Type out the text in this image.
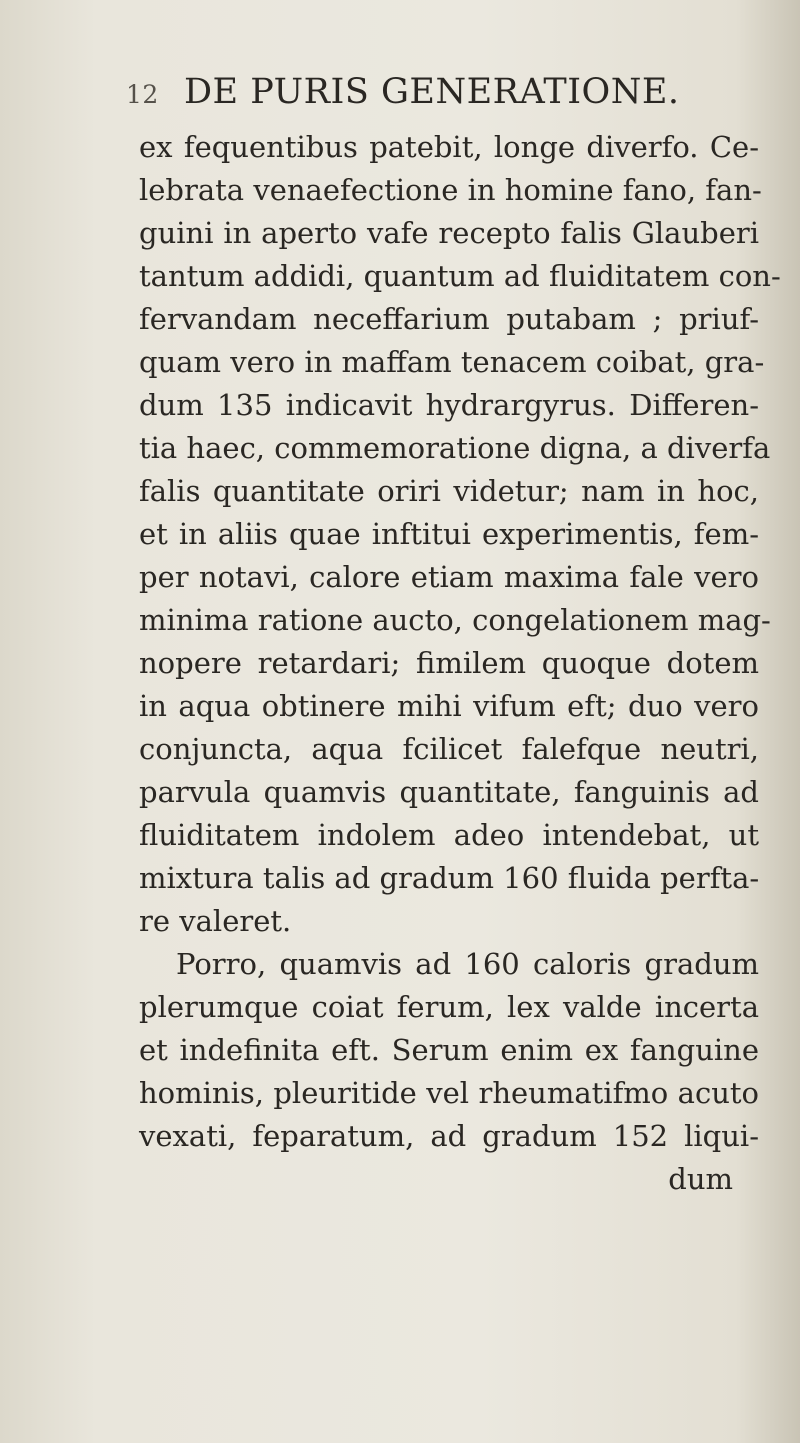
12 DE PURIS GENERATIONE.
ex fequentibus patebit, longe diverfo. Ce-
lebrata venaefectione in homine fano, fan-
guini in aperto vafe recepto falis Glauberi
tantum addidi, quantum ad fluiditatem con-
fervandam neceffarium putabam ; priuf-
quam vero in maffam tenacem coibat, gra-
dum 135 indicavit hydrargyrus. Differen-
tia haec, commemoratione digna, a diverfa
falis quantitate oriri videtur; nam in hoc,
et in aliis quae inftitui experimentis, fem-
per notavi, calore etiam maxima fale vero
minima ratione aucto, congelationem mag-
nopere retardari; fimilem quoque dotem
in aqua obtinere mihi vifum eft; duo vero
conjuncta, aqua fcilicet falefque neutri,
parvula quamvis quantitate, fanguinis ad
fluiditatem indolem adeo intendebat, ut
mixtura talis ad gradum 160 fluida perfta-
re valeret.
Porro, quamvis ad 160 caloris gradum
plerumque coiat ferum, lex valde incerta
et indefinita eft. Serum enim ex fanguine
hominis, pleuritide vel rheumatifmo acuto
vexati, feparatum, ad gradum 152 liqui-
dum
